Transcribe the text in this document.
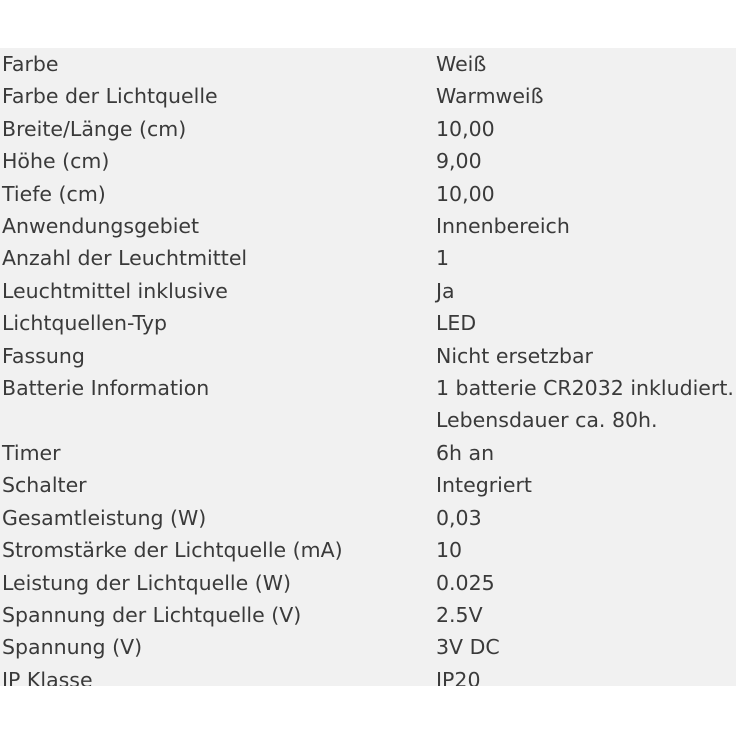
Farbe	Weiß
Farbe der Lichtquelle	Warmweiß
Breite/Länge (cm)	10,00
Höhe (cm)	9,00
Tiefe (cm)	10,00
Anwendungsgebiet	Innenbereich
Anzahl der Leuchtmittel	1
Leuchtmittel inklusive	Ja
Lichtquellen-Typ	LED
Fassung	Nicht ersetzbar
Batterie Information	1 batterie CR2032 inkludiert.
	Lebensdauer ca. 80h.
Timer	6h an
Schalter	Integriert
Gesamtleistung (W)	0,03
Stromstärke der Lichtquelle (mA)	10
Leistung der Lichtquelle (W)	0.025
Spannung der Lichtquelle (V)	2.5V
Spannung (V)	3V DC
IP Klasse	IP20
